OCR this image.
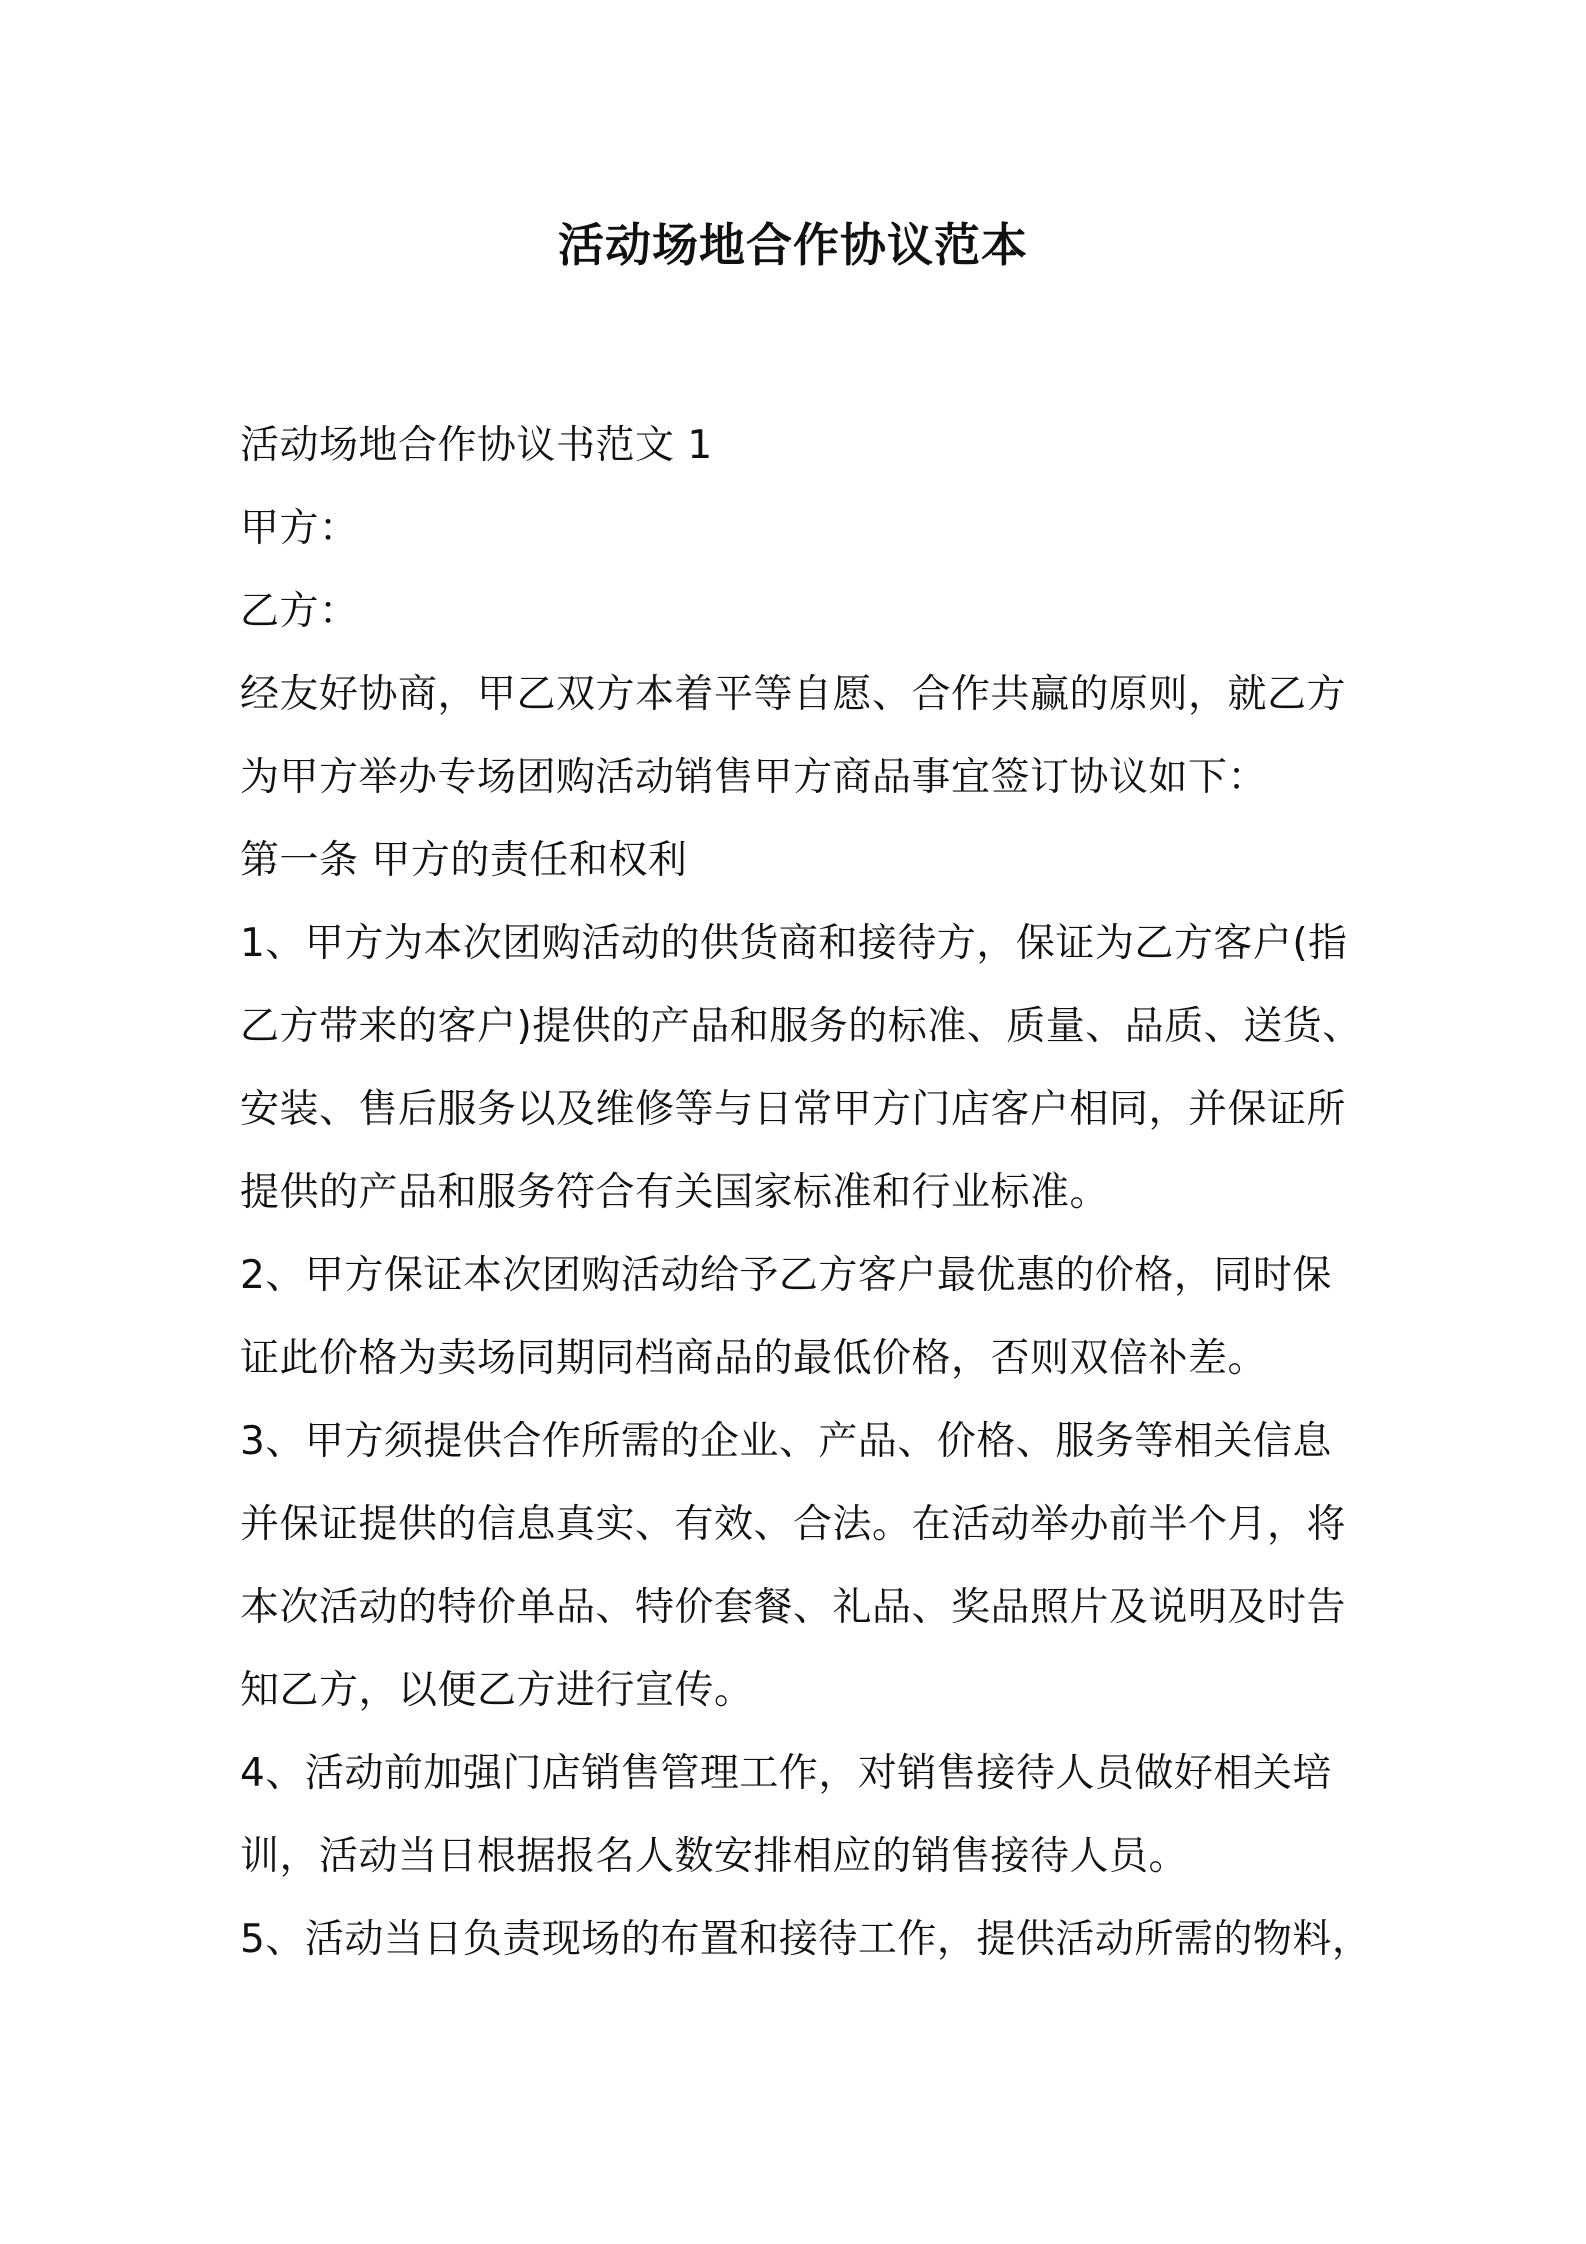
活动场地合作协议范本
活动场地合作协议书范文 1
甲方：
乙方：
经友好协商，甲乙双方本着平等自愿、合作共赢的原则，就乙方
为甲方举办专场团购活动销售甲方商品事宜签订协议如下：
第一条 甲方的责任和权利
1、甲方为本次团购活动的供货商和接待方，保证为乙方客户(指
乙方带来的客户)提供的产品和服务的标准、质量、品质、送货、
安装、售后服务以及维修等与日常甲方门店客户相同，并保证所
提供的产品和服务符合有关国家标准和行业标准。
2、甲方保证本次团购活动给予乙方客户最优惠的价格，同时保
证此价格为卖场同期同档商品的最低价格，否则双倍补差。
3、甲方须提供合作所需的企业、产品、价格、服务等相关信息
并保证提供的信息真实、有效、合法。在活动举办前半个月，将
本次活动的特价单品、特价套餐、礼品、奖品照片及说明及时告
知乙方，以便乙方进行宣传。
4、活动前加强门店销售管理工作，对销售接待人员做好相关培
训，活动当日根据报名人数安排相应的销售接待人员。
5、活动当日负责现场的布置和接待工作，提供活动所需的物料，
